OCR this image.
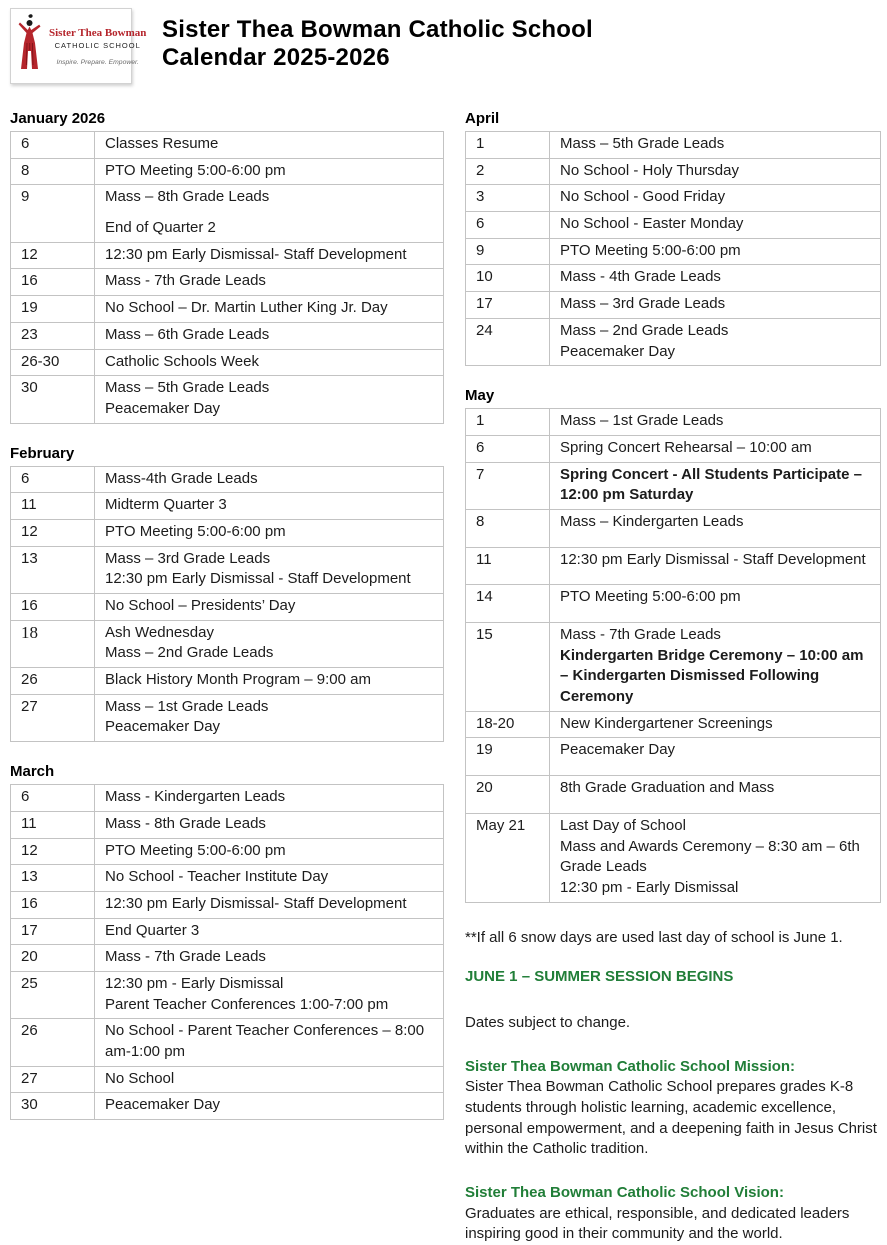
Sister Thea Bowman
CATHOLIC SCHOOL
Inspire. Prepare. Empower.
Sister Thea Bowman Catholic School
Calendar 2025-2026
January 2026
6	Classes Resume

8	PTO Meeting 5:00-6:00 pm

9	Mass – 8th Grade Leads
End of Quarter 2

12	12:30 pm Early Dismissal- Staff Development

16	Mass - 7th Grade Leads

19	No School – Dr. Martin Luther King Jr. Day

23	Mass – 6th Grade Leads

26-30	Catholic Schools Week

30	Mass – 5th Grade Leads
Peacemaker Day
February
6	Mass-4th Grade Leads

11	Midterm Quarter 3

12	PTO Meeting 5:00-6:00 pm

13	Mass – 3rd Grade Leads
12:30 pm Early Dismissal - Staff Development

16	No School – Presidents’ Day

18	Ash Wednesday
Mass – 2nd Grade Leads

26	Black History Month Program – 9:00 am

27	Mass – 1st Grade Leads
Peacemaker Day
March
6	Mass - Kindergarten Leads

11	Mass - 8th Grade Leads

12	PTO Meeting 5:00-6:00 pm

13	No School - Teacher Institute Day

16	12:30 pm Early Dismissal- Staff Development

17	End Quarter 3

20	Mass - 7th Grade Leads

25	12:30 pm - Early Dismissal
Parent Teacher Conferences 1:00-7:00 pm

26	No School - Parent Teacher Conferences – 8:00 am-1:00 pm

27	No School

30	Peacemaker Day
April
1	Mass – 5th Grade Leads

2	No School - Holy Thursday

3	No School - Good Friday

6	No School - Easter Monday

9	PTO Meeting 5:00-6:00 pm

10	Mass - 4th Grade Leads

17	Mass – 3rd Grade Leads

24	Mass – 2nd Grade Leads
Peacemaker Day
May
1	Mass – 1st Grade Leads

6	Spring Concert Rehearsal – 10:00 am

7	Spring Concert - All Students Participate – 12:00 pm Saturday

8	Mass – Kindergarten Leads

11	12:30 pm Early Dismissal - Staff Development

14	PTO Meeting 5:00-6:00 pm

15	Mass - 7th Grade Leads
Kindergarten Bridge Ceremony – 10:00 am – Kindergarten Dismissed Following Ceremony

18-20	New Kindergartener Screenings

19	Peacemaker Day

20	8th Grade Graduation and Mass

May 21	Last Day of School
Mass and Awards Ceremony – 8:30 am – 6th Grade Leads
12:30 pm - Early Dismissal
**If all 6 snow days are used last day of school is June 1.
JUNE 1 – SUMMER SESSION BEGINS
Dates subject to change.
Sister Thea Bowman Catholic School Mission:
Sister Thea Bowman Catholic School prepares grades K-8 students through holistic learning, academic excellence, personal empowerment, and a deepening faith in Jesus Christ within the Catholic tradition.
Sister Thea Bowman Catholic School Vision:
Graduates are ethical, responsible, and dedicated leaders inspiring good in their community and the world.
